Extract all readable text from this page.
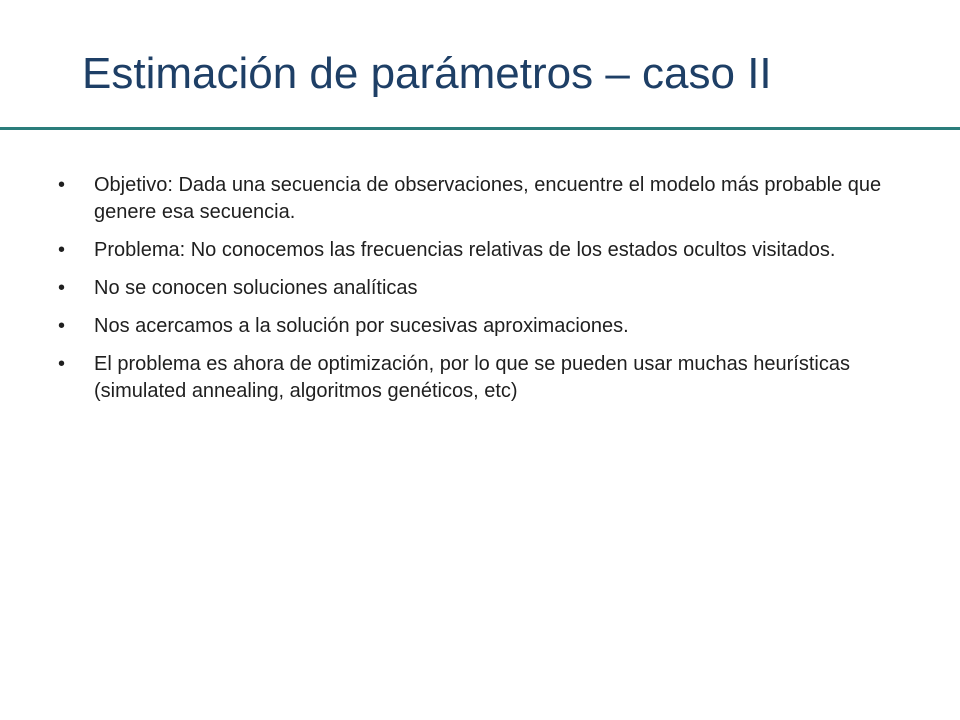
Estimación de parámetros – caso II
•	Objetivo: Dada una secuencia de observaciones, encuentre el modelo más probable que genere esa secuencia.
•	Problema: No conocemos las frecuencias relativas de los estados ocultos visitados.
•	No se conocen soluciones analíticas
•	Nos acercamos a la solución por sucesivas aproximaciones.
•	El problema es ahora de optimización, por lo que se pueden usar muchas heurísticas (simulated annealing, algoritmos genéticos, etc)
